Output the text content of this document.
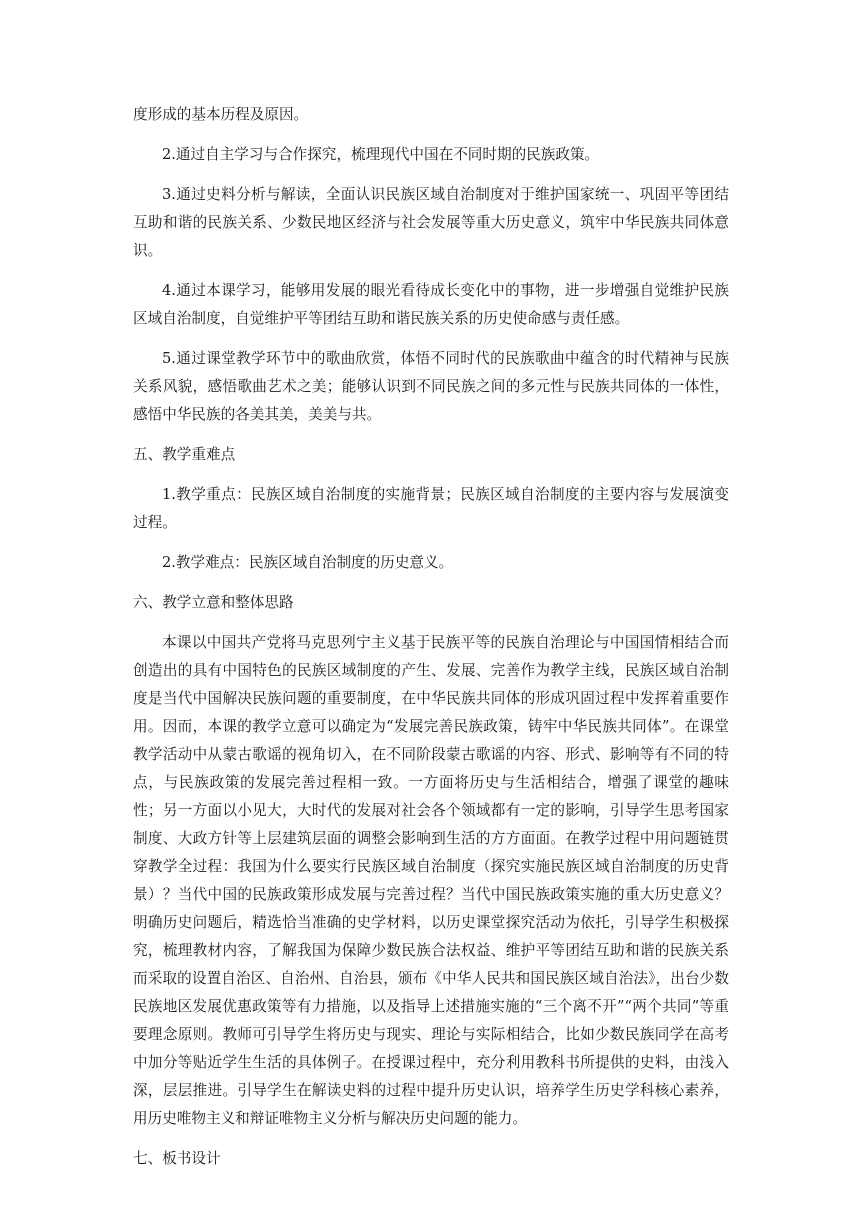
度形成的基本历程及原因。

2.通过自主学习与合作探究，梳理现代中国在不同时期的民族政策。

3.通过史料分析与解读，全面认识民族区域自治制度对于维护国家统一、巩固平等团结互助和谐的民族关系、少数民地区经济与社会发展等重大历史意义，筑牢中华民族共同体意识。

4.通过本课学习，能够用发展的眼光看待成长变化中的事物，进一步增强自觉维护民族区域自治制度，自觉维护平等团结互助和谐民族关系的历史使命感与责任感。

5.通过课堂教学环节中的歌曲欣赏，体悟不同时代的民族歌曲中蕴含的时代精神与民族关系风貌，感悟歌曲艺术之美；能够认识到不同民族之间的多元性与民族共同体的一体性，感悟中华民族的各美其美，美美与共。

五、教学重难点

1.教学重点：民族区域自治制度的实施背景；民族区域自治制度的主要内容与发展演变过程。

2.教学难点：民族区域自治制度的历史意义。

六、教学立意和整体思路

本课以中国共产党将马克思列宁主义基于民族平等的民族自治理论与中国国情相结合而创造出的具有中国特色的民族区域制度的产生、发展、完善作为教学主线，民族区域自治制度是当代中国解决民族问题的重要制度，在中华民族共同体的形成巩固过程中发挥着重要作用。因而，本课的教学立意可以确定为“发展完善民族政策，铸牢中华民族共同体”。在课堂教学活动中从蒙古歌谣的视角切入，在不同阶段蒙古歌谣的内容、形式、影响等有不同的特点，与民族政策的发展完善过程相一致。一方面将历史与生活相结合，增强了课堂的趣味性；另一方面以小见大，大时代的发展对社会各个领域都有一定的影响，引导学生思考国家制度、大政方针等上层建筑层面的调整会影响到生活的方方面面。在教学过程中用问题链贯穿教学全过程：我国为什么要实行民族区域自治制度（探究实施民族区域自治制度的历史背景）？当代中国的民族政策形成发展与完善过程？当代中国民族政策实施的重大历史意义？明确历史问题后，精选恰当准确的史学材料，以历史课堂探究活动为依托，引导学生积极探究，梳理教材内容，了解我国为保障少数民族合法权益、维护平等团结互助和谐的民族关系而采取的设置自治区、自治州、自治县，颁布《中华人民共和国民族区域自治法》，出台少数民族地区发展优惠政策等有力措施，以及指导上述措施实施的“三个离不开”“两个共同”等重要理念原则。教师可引导学生将历史与现实、理论与实际相结合，比如少数民族同学在高考中加分等贴近学生生活的具体例子。在授课过程中，充分利用教科书所提供的史料，由浅入深，层层推进。引导学生在解读史料的过程中提升历史认识，培养学生历史学科核心素养，用历史唯物主义和辩证唯物主义分析与解决历史问题的能力。

七、板书设计
